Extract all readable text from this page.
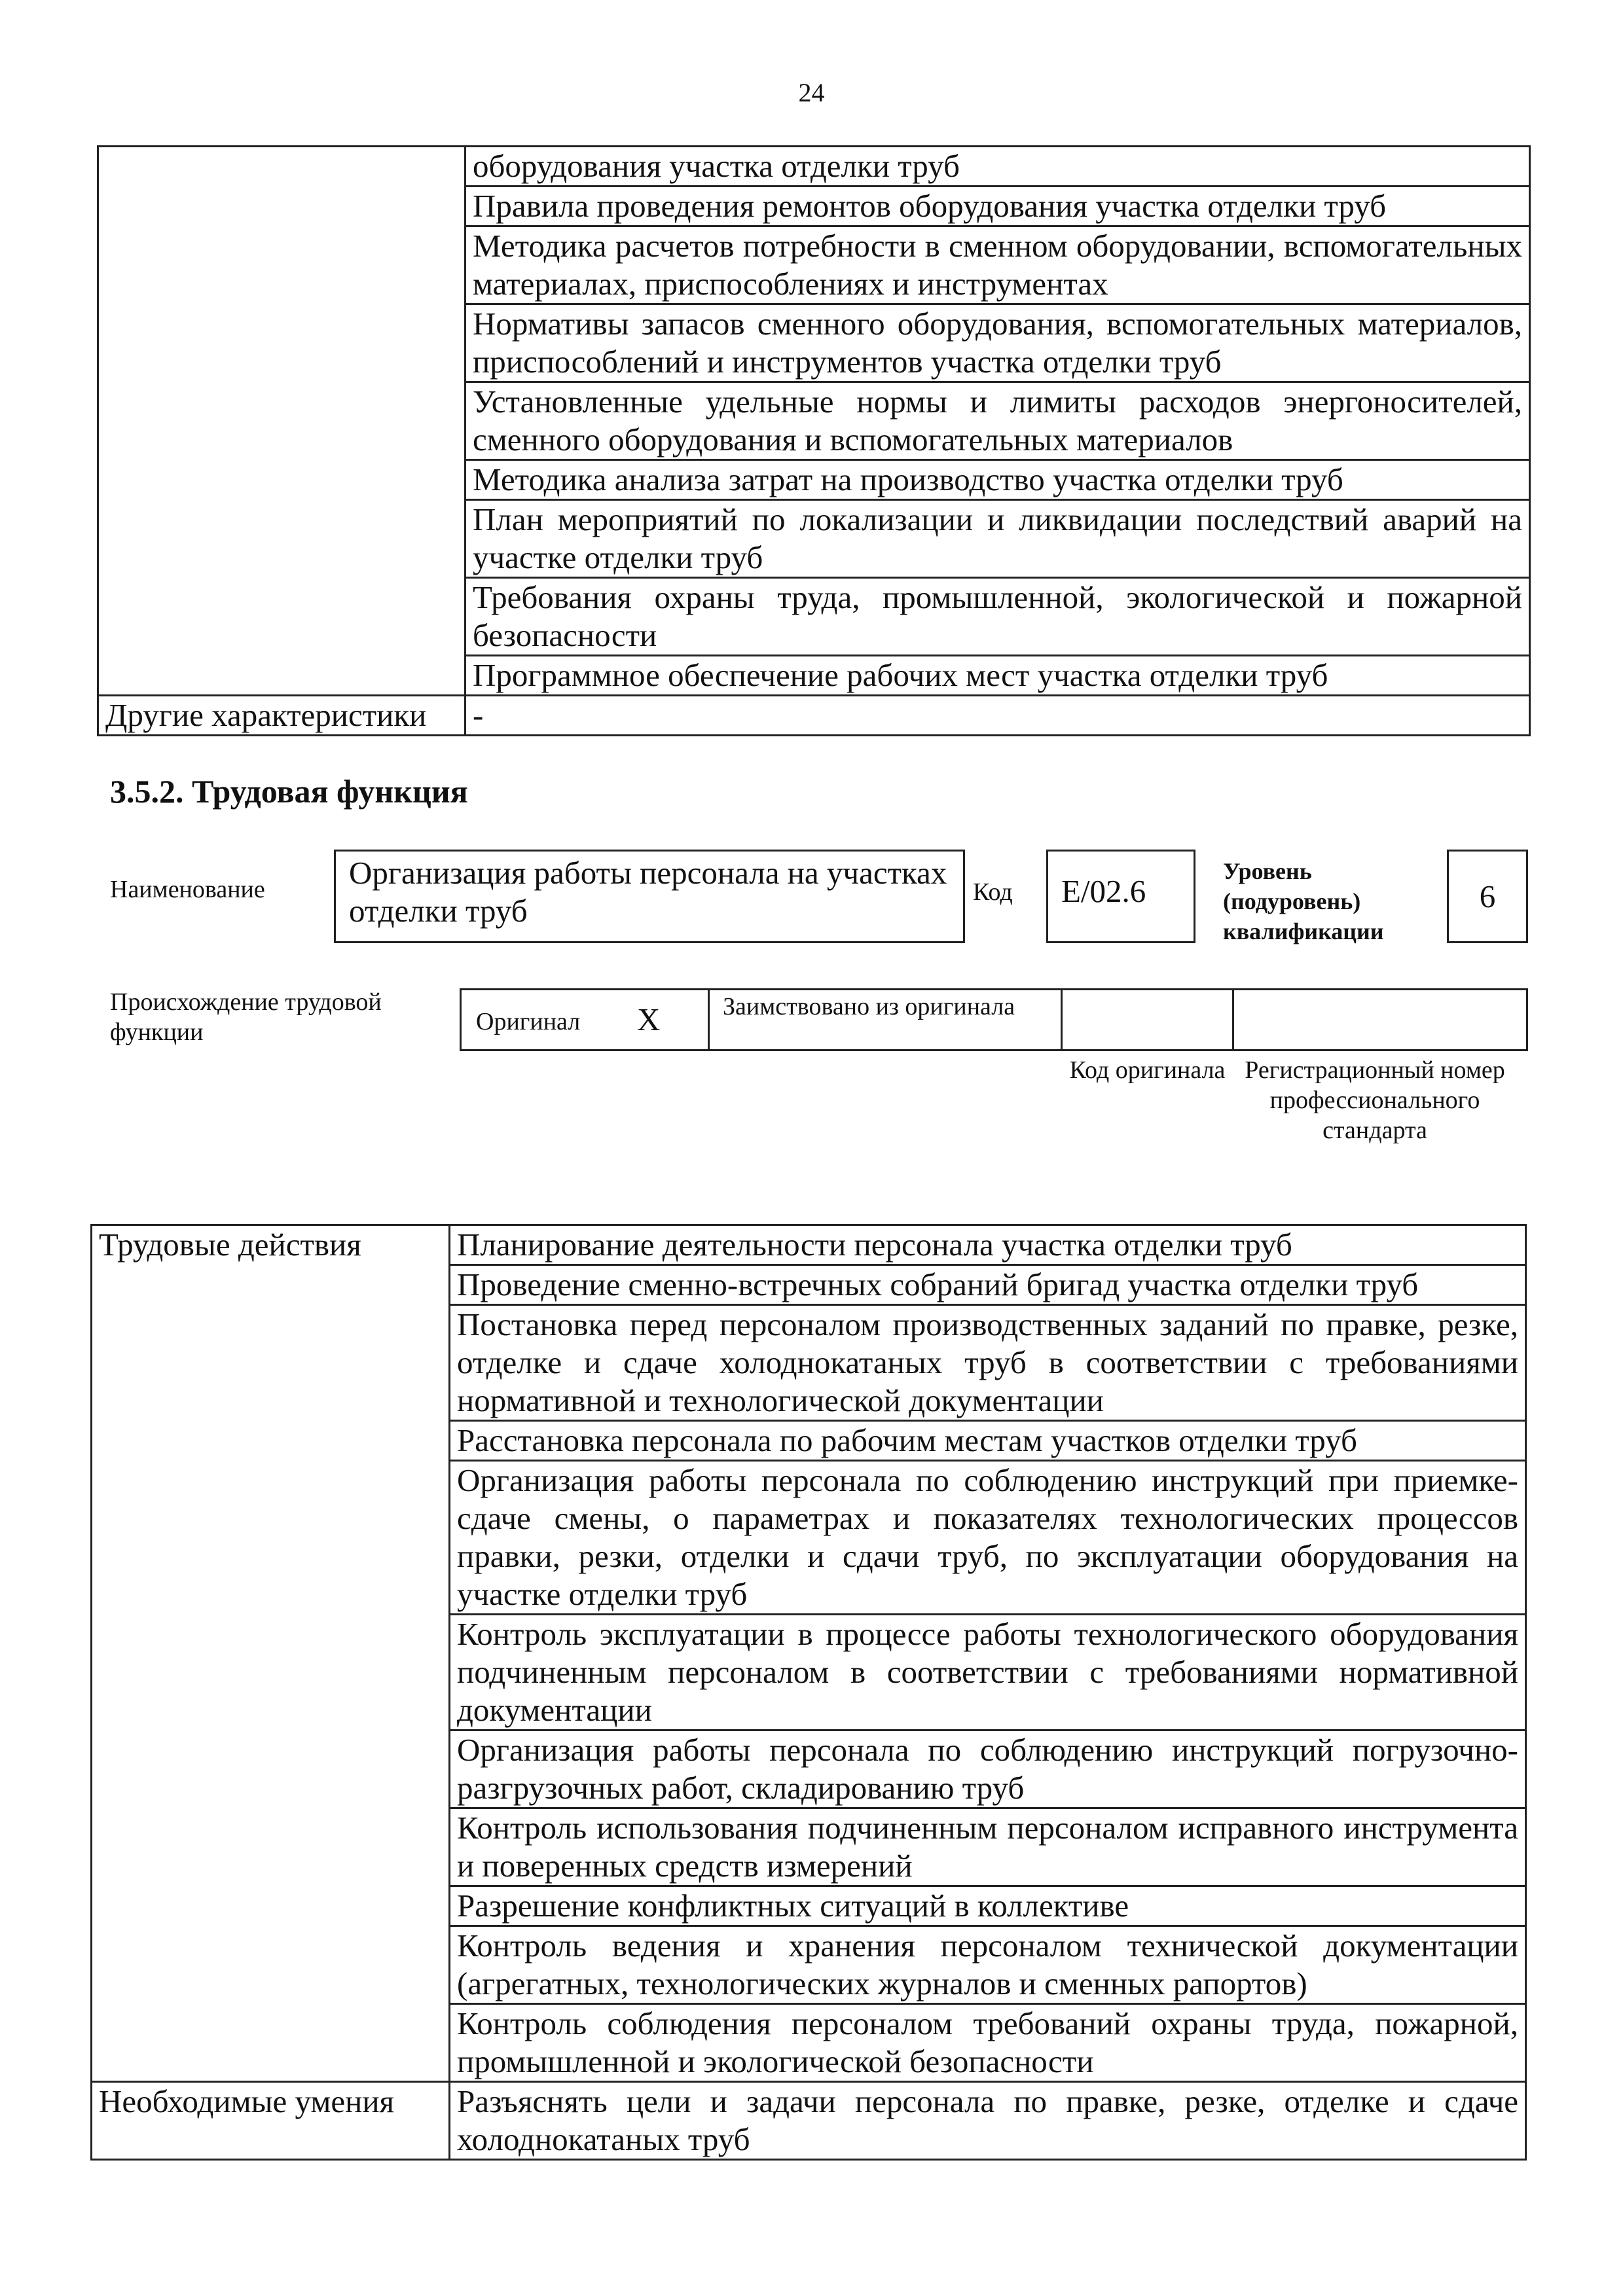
24
	оборудования участка отделки труб
	Правила проведения ремонтов оборудования участка отделки труб
	Методика расчетов потребности в сменном оборудовании, вспомогательных материалах, приспособлениях и инструментах
	Нормативы запасов сменного оборудования, вспомогательных материалов, приспособлений и инструментов участка отделки труб
	Установленные удельные нормы и лимиты расходов энергоносителей, сменного оборудования и вспомогательных материалов
	Методика анализа затрат на производство участка отделки труб
	План мероприятий по локализации и ликвидации последствий аварий на участке отделки труб
	Требования охраны труда, промышленной, экологической и пожарной безопасности
	Программное обеспечение рабочих мест участка отделки труб
Другие характеристики	-
3.5.2. Трудовая функция
Наименование	Организация работы персонала на участках отделки труб
Код	E/02.6
Уровень (подуровень) квалификации
6
Происхождение трудовой функции	Оригинал X	Заимствовано из оригинала
Код оригинала Регистрационный номер профессионального стандарта
Трудовые действия	Планирование деятельности персонала участка отделки труб
	Проведение сменно-встречных собраний бригад участка отделки труб
	Постановка перед персоналом производственных заданий по правке, резке, отделке и сдаче холоднокатаных труб в соответствии с требованиями нормативной и технологической документации
	Расстановка персонала по рабочим местам участков отделки труб
	Организация работы персонала по соблюдению инструкций при приемке-сдаче смены, о параметрах и показателях технологических процессов правки, резки, отделки и сдачи труб, по эксплуатации оборудования на участке отделки труб
	Контроль эксплуатации в процессе работы технологического оборудования подчиненным персоналом в соответствии с требованиями нормативной документации
	Организация работы персонала по соблюдению инструкций погрузочно-разгрузочных работ, складированию труб
	Контроль использования подчиненным персоналом исправного инструмента и поверенных средств измерений
	Разрешение конфликтных ситуаций в коллективе
	Контроль ведения и хранения персоналом технической документации (агрегатных, технологических журналов и сменных рапортов)
	Контроль соблюдения персоналом требований охраны труда, пожарной, промышленной и экологической безопасности
Необходимые умения	Разъяснять цели и задачи персонала по правке, резке, отделке и сдаче холоднокатаных труб
